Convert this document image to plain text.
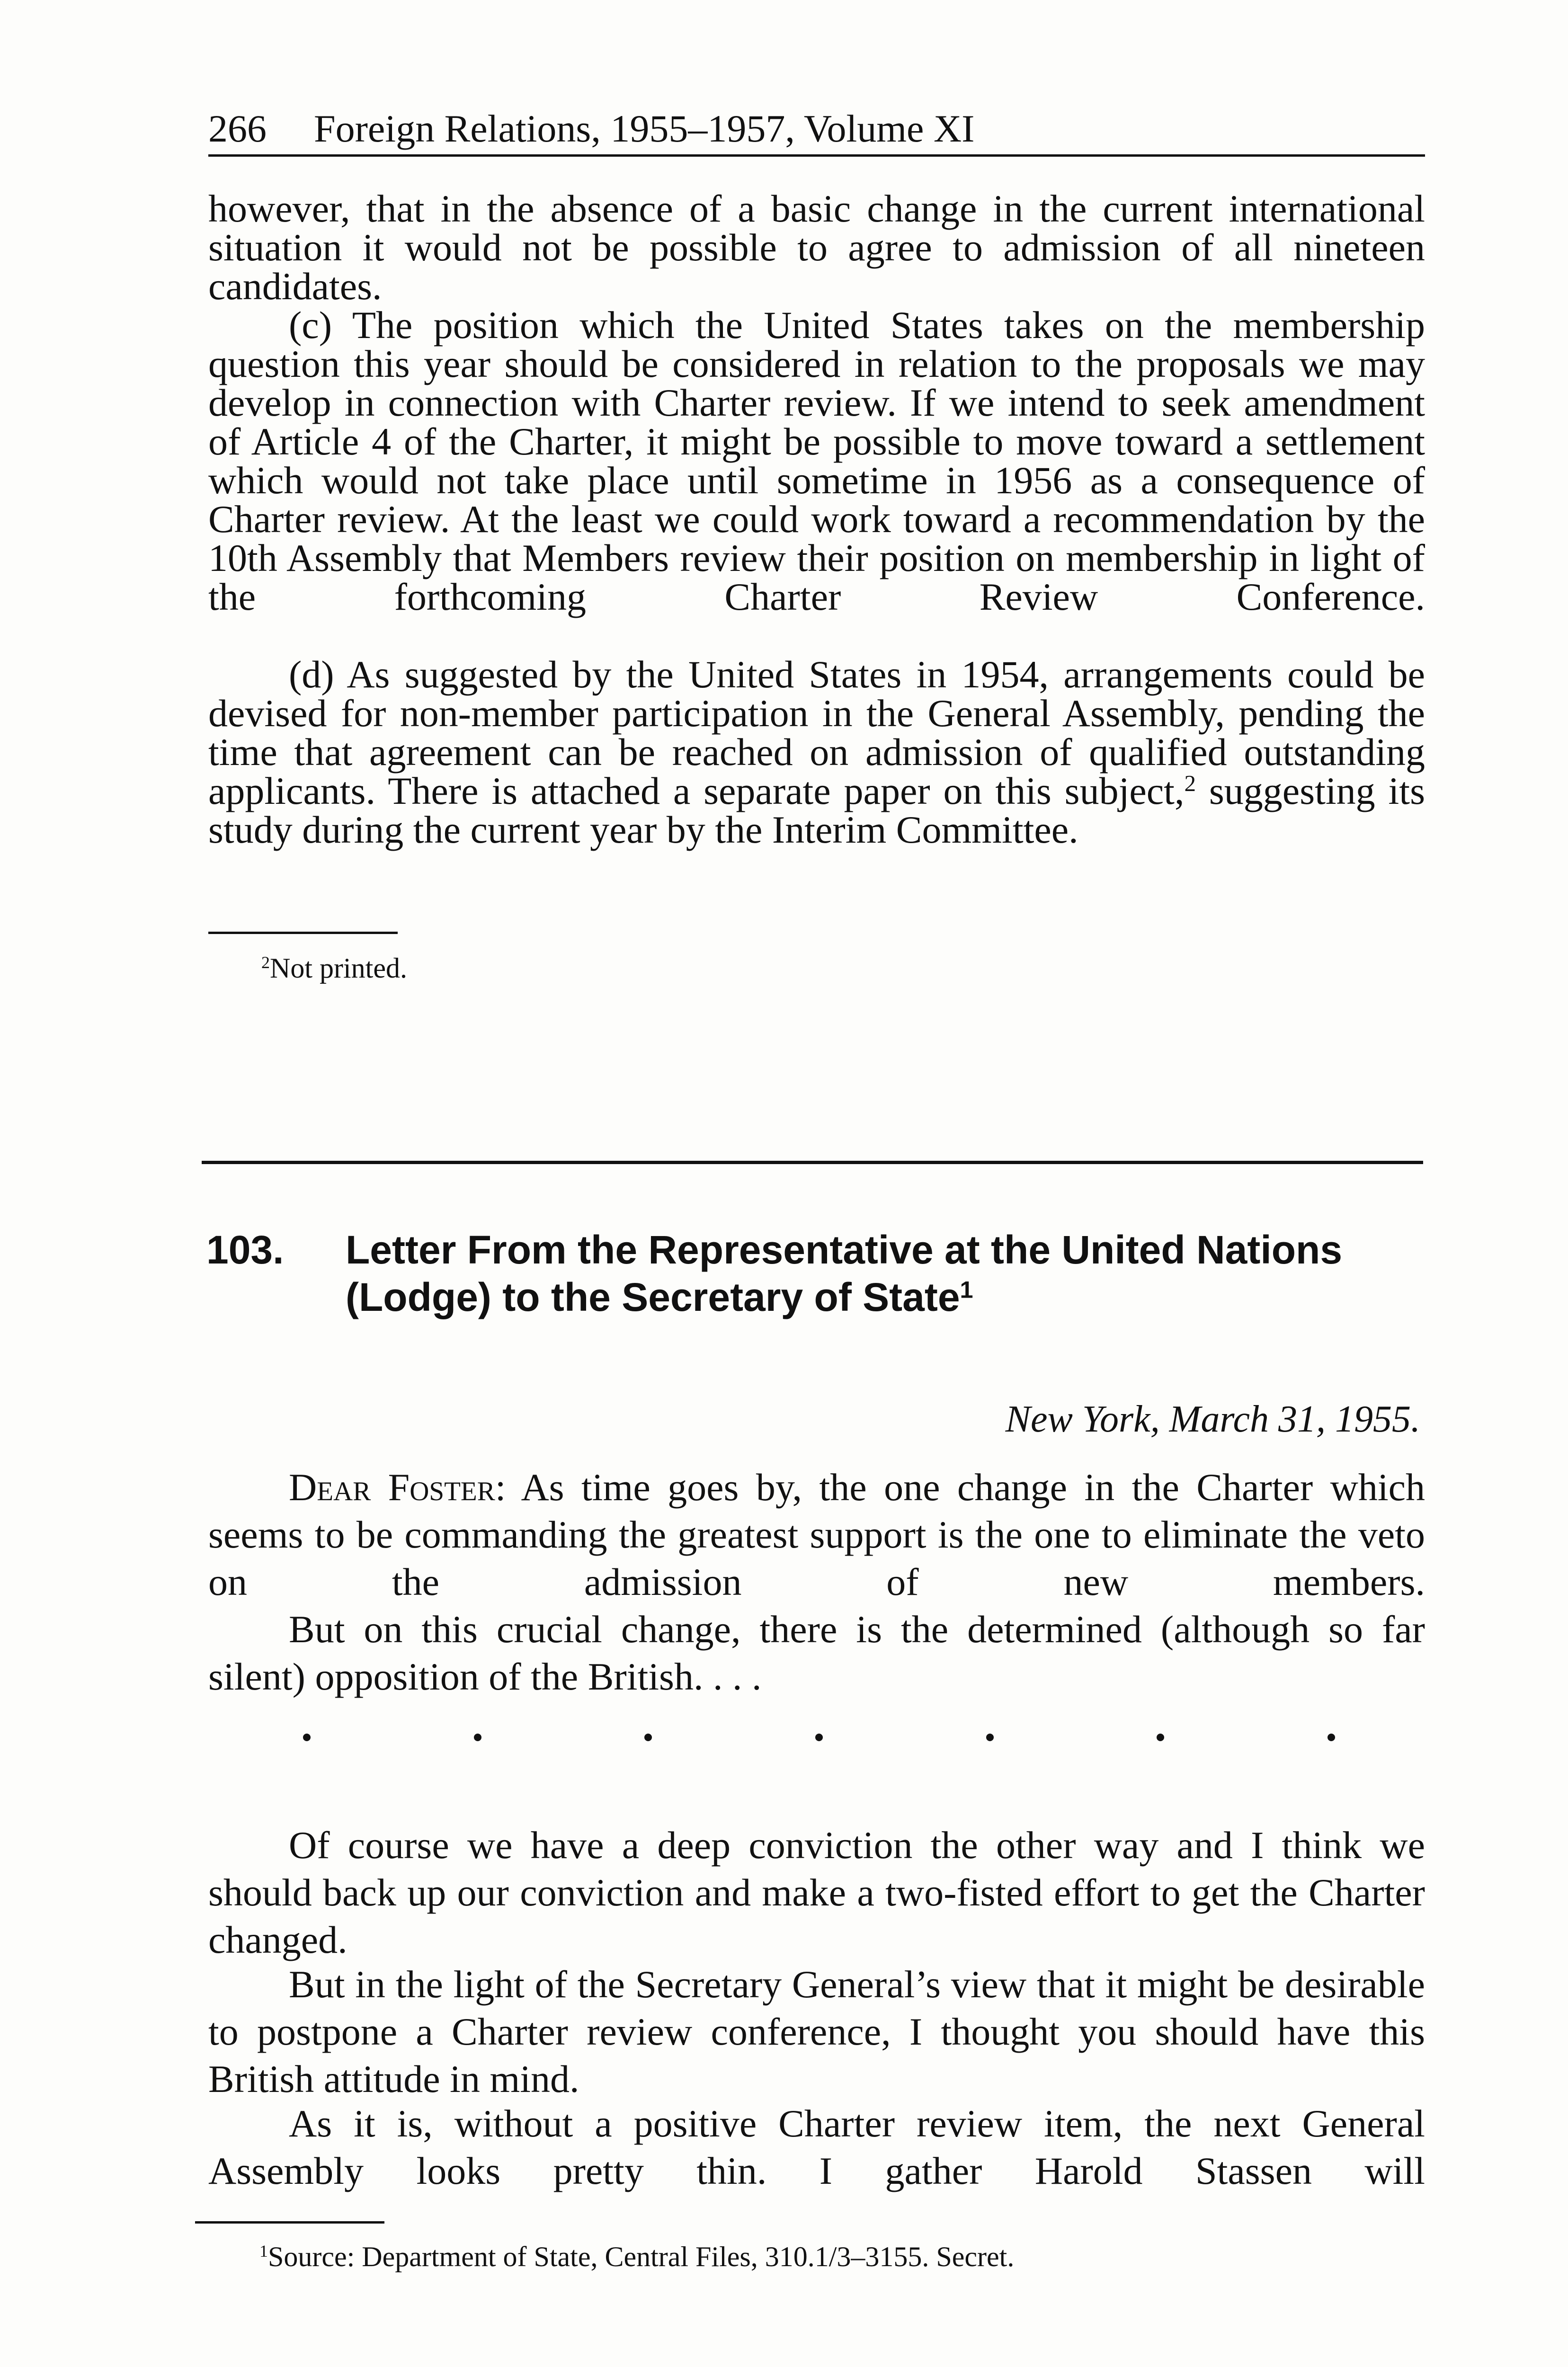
266 Foreign Relations, 1955–1957, Volume XI

however, that in the absence of a basic change in the current international situation it would not be possible to agree to admission of all nineteen candidates.

(c) The position which the United States takes on the membership question this year should be considered in relation to the proposals we may develop in connection with Charter review. If we intend to seek amendment of Article 4 of the Charter, it might be possible to move toward a settlement which would not take place until sometime in 1956 as a consequence of Charter review. At the least we could work toward a recommendation by the 10th Assembly that Members review their position on membership in light of the forthcoming Charter Review Conference.

(d) As suggested by the United States in 1954, arrangements could be devised for non-member participation in the General Assembly, pending the time that agreement can be reached on admission of qualified outstanding applicants. There is attached a separate paper on this subject,$^2$ suggesting its study during the current year by the Interim Committee.

$^2$Not printed.
103. Letter From the Representative at the United Nations (Lodge) to the Secretary of State$^1$
New York, March 31, 1955.

Dear Foster: As time goes by, the one change in the Charter which seems to be commanding the greatest support is the one to eliminate the veto on the admission of new members.

But on this crucial change, there is the determined (although so far silent) opposition of the British. . . .

Of course we have a deep conviction the other way and I think we should back up our conviction and make a two-fisted effort to get the Charter changed.

But in the light of the Secretary General’s view that it might be desirable to postpone a Charter review conference, I thought you should have this British attitude in mind.

As it is, without a positive Charter review item, the next General Assembly looks pretty thin. I gather Harold Stassen will

$^1$Source: Department of State, Central Files, 310.1/3–3155. Secret.
